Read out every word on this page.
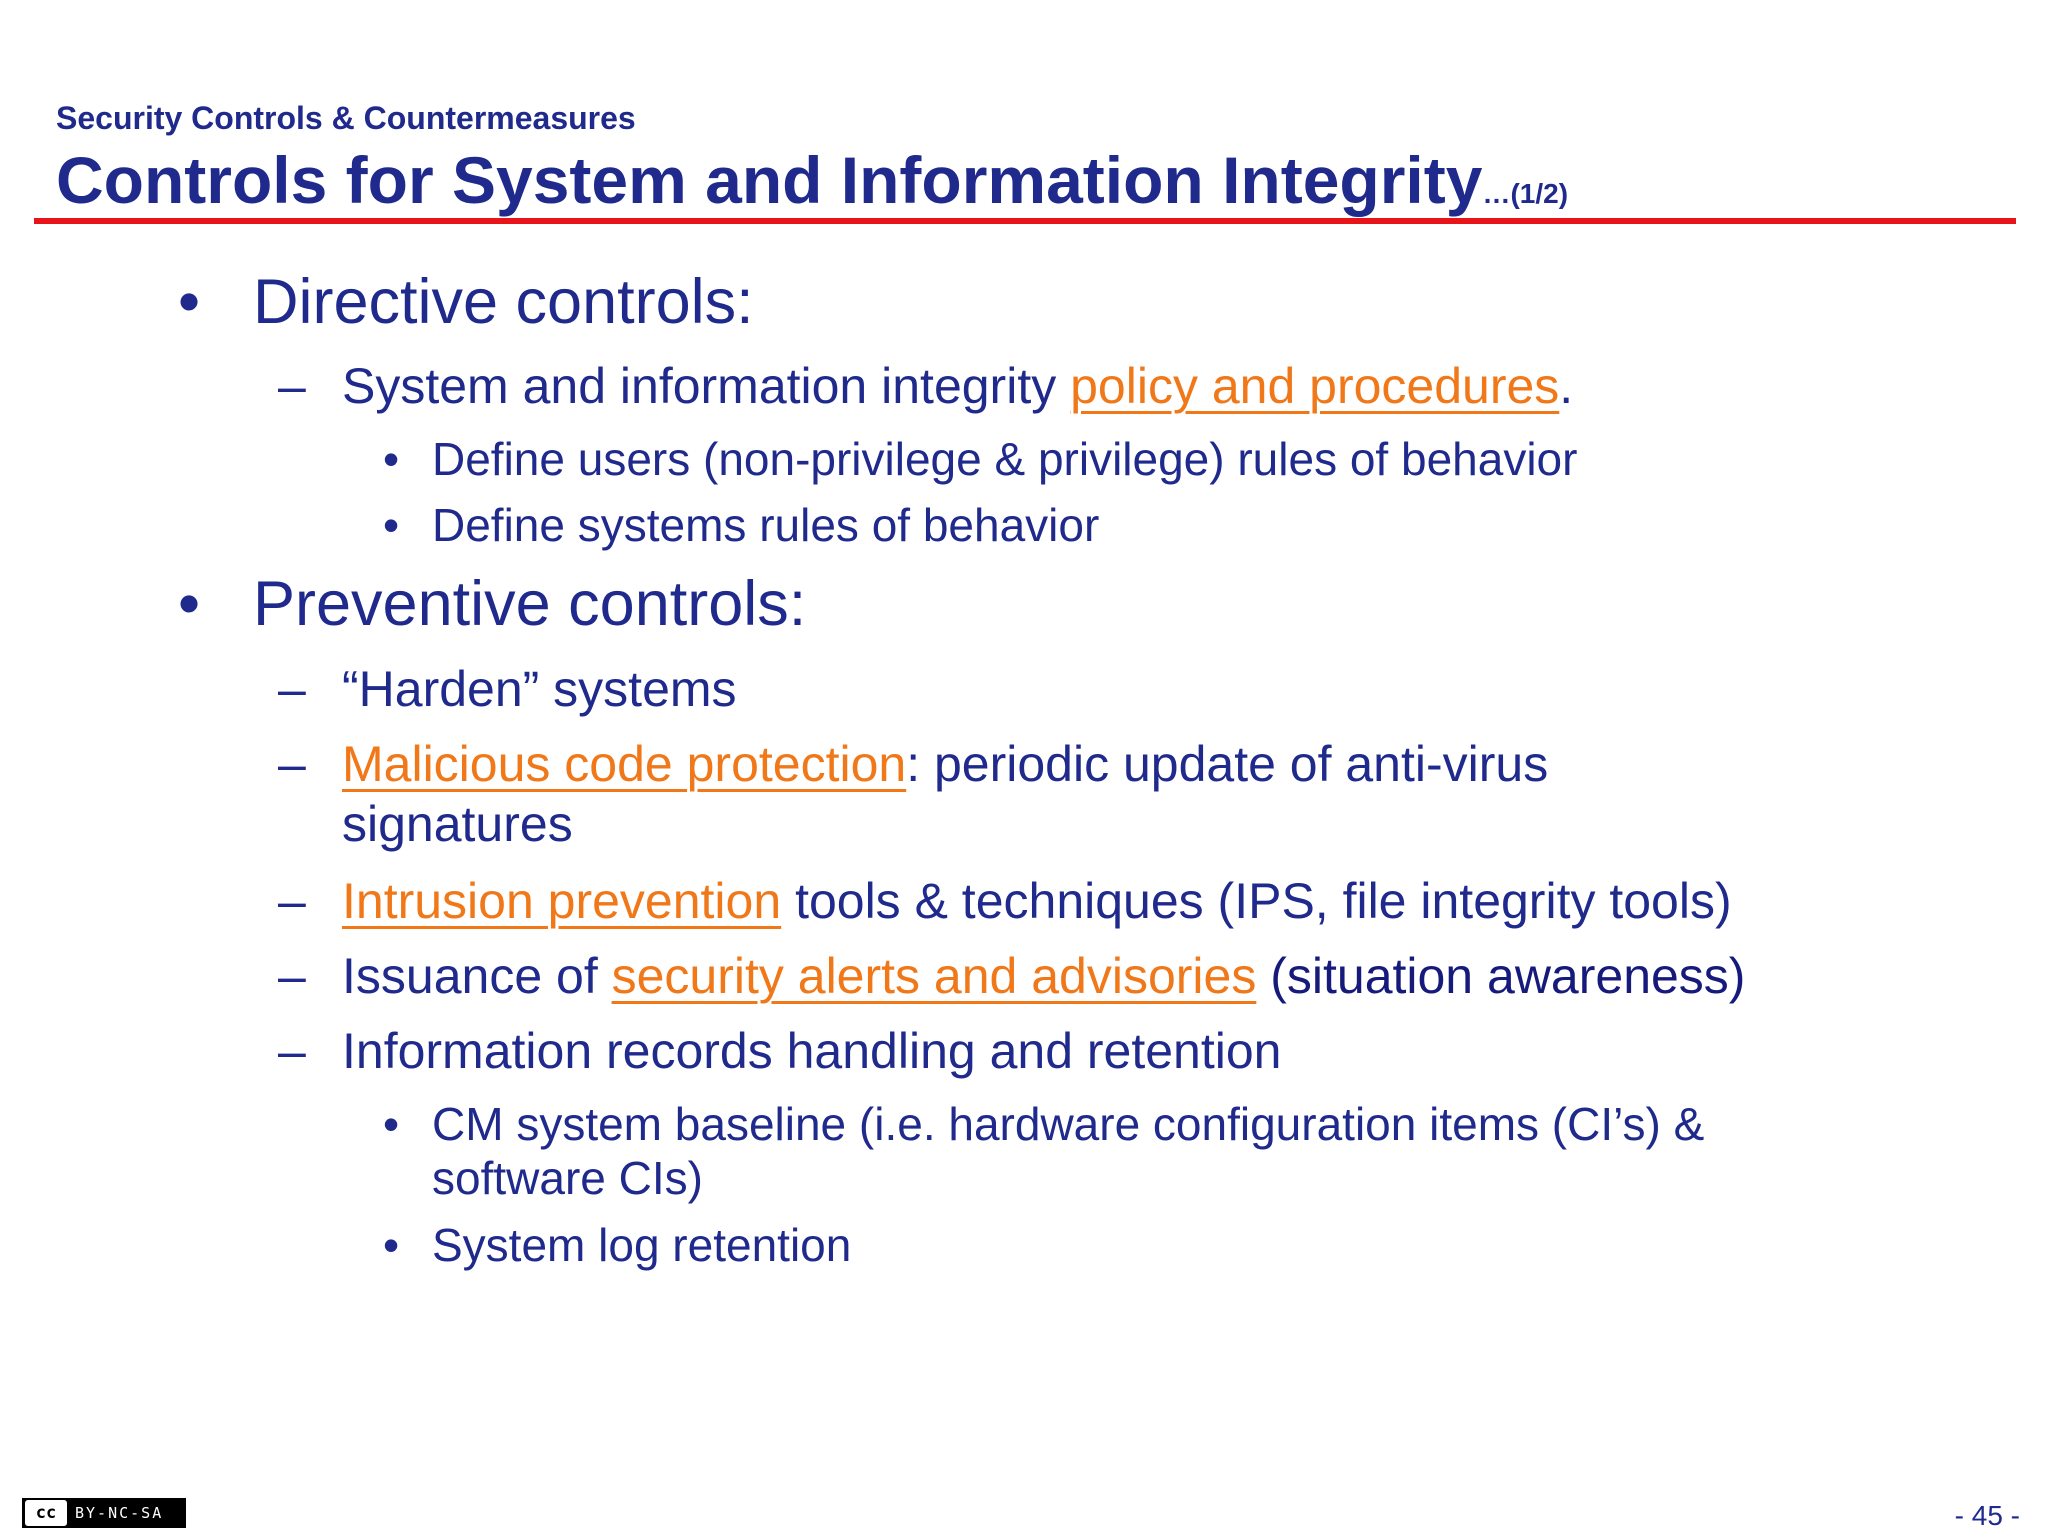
Security Controls & Countermeasures
Controls for System and Information Integrity…(1/2)
• Directive controls:
– System and information integrity policy and procedures.
• Define users (non-privilege & privilege) rules of behavior
• Define systems rules of behavior
• Preventive controls:
– “Harden” systems
– Malicious code protection: periodic update of anti-virus
signatures
– Intrusion prevention tools & techniques (IPS, file integrity tools)
– Issuance of security alerts and advisories (situation awareness)
– Information records handling and retention
• CM system baseline (i.e. hardware configuration items (CI’s) &
software CIs)
• System log retention
cc	BY-NC-SA	- 45 -
